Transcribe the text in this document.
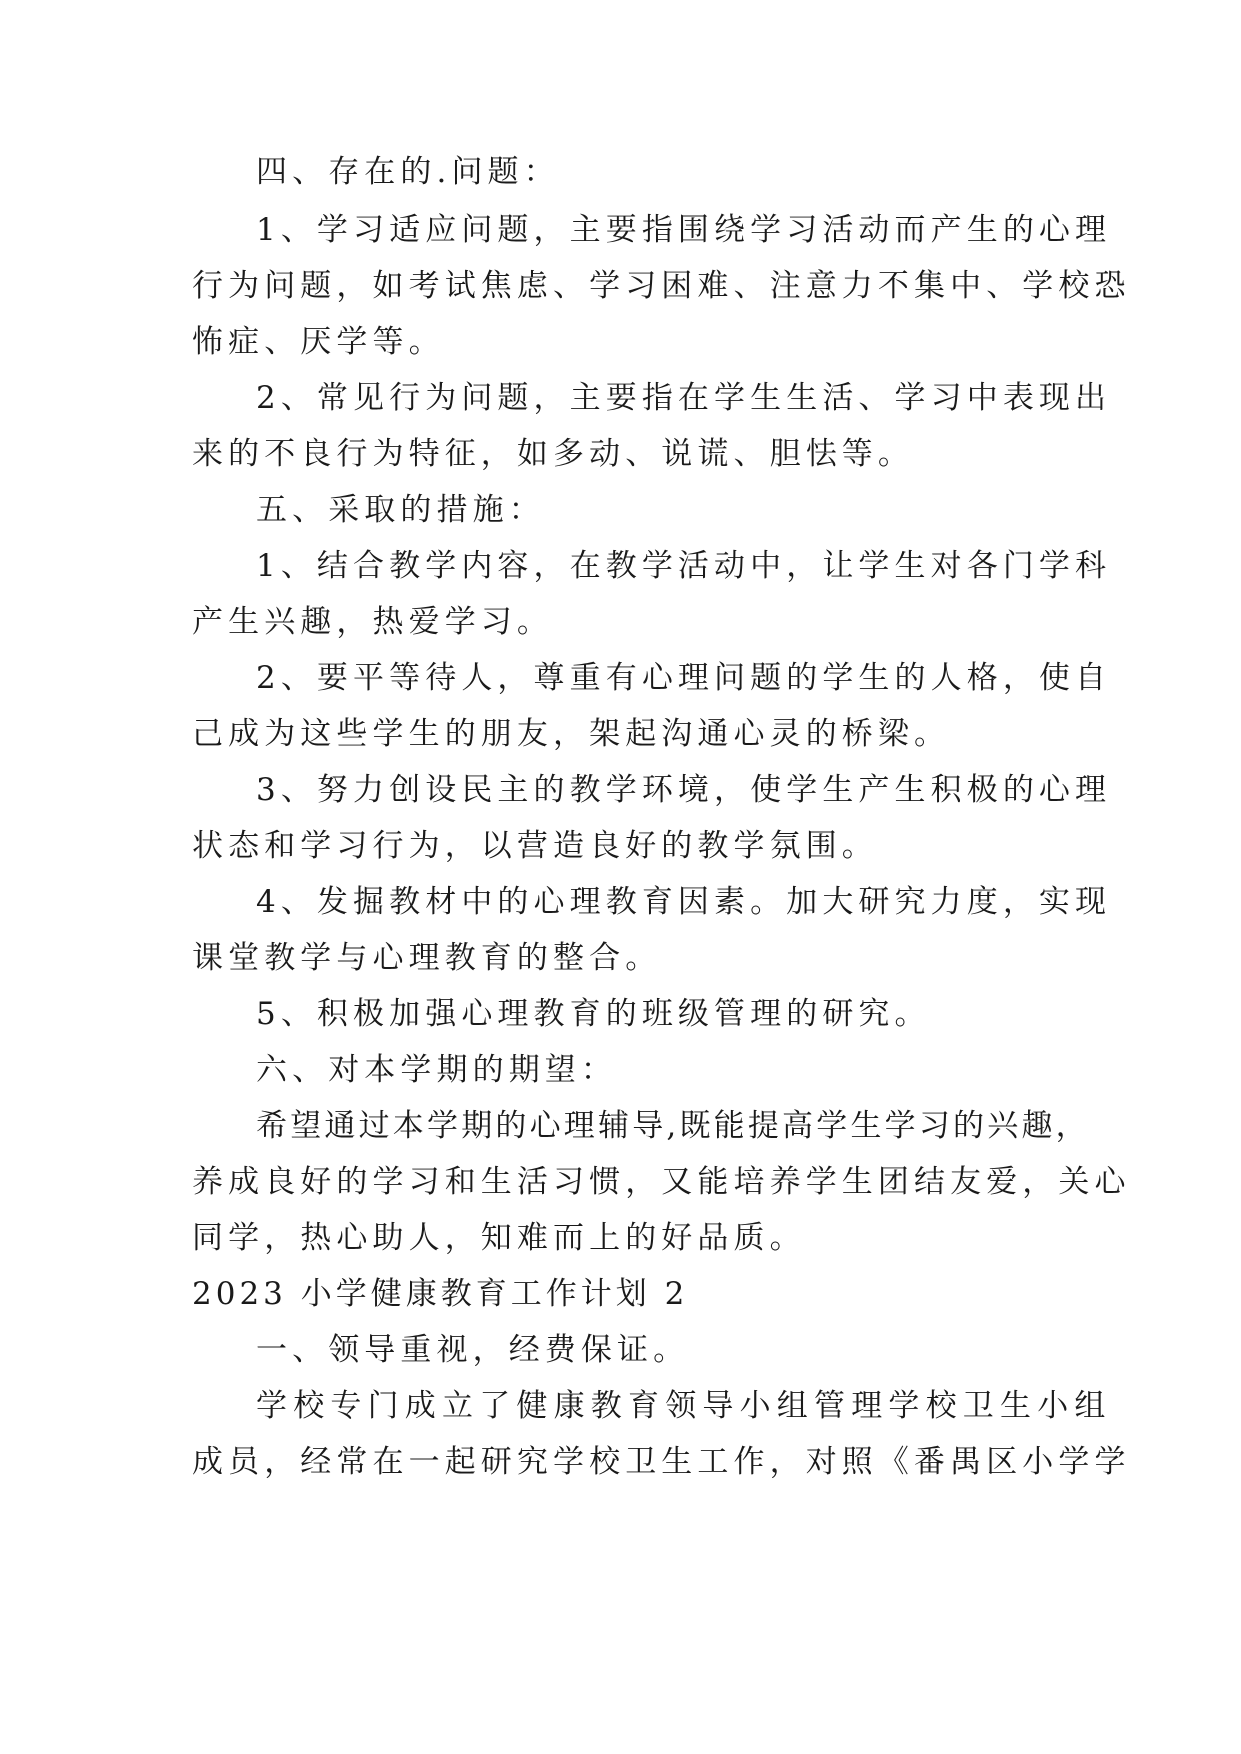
四、存在的.问题：
1、学习适应问题，主要指围绕学习活动而产生的心理
行为问题，如考试焦虑、学习困难、注意力不集中、学校恐
怖症、厌学等。
2、常见行为问题，主要指在学生生活、学习中表现出
来的不良行为特征，如多动、说谎、胆怯等。
五、采取的措施：
1、结合教学内容，在教学活动中，让学生对各门学科
产生兴趣，热爱学习。
2、要平等待人，尊重有心理问题的学生的人格，使自
己成为这些学生的朋友，架起沟通心灵的桥梁。
3、努力创设民主的教学环境，使学生产生积极的心理
状态和学习行为，以营造良好的教学氛围。
4、发掘教材中的心理教育因素。加大研究力度，实现
课堂教学与心理教育的整合。
5、积极加强心理教育的班级管理的研究。
六、对本学期的期望：
希望通过本学期的心理辅导,既能提高学生学习的兴趣，
养成良好的学习和生活习惯，又能培养学生团结友爱，关心
同学，热心助人，知难而上的好品质。
2023 小学健康教育工作计划 2
一、领导重视，经费保证。
学校专门成立了健康教育领导小组管理学校卫生小组
成员，经常在一起研究学校卫生工作，对照《番禺区小学学
